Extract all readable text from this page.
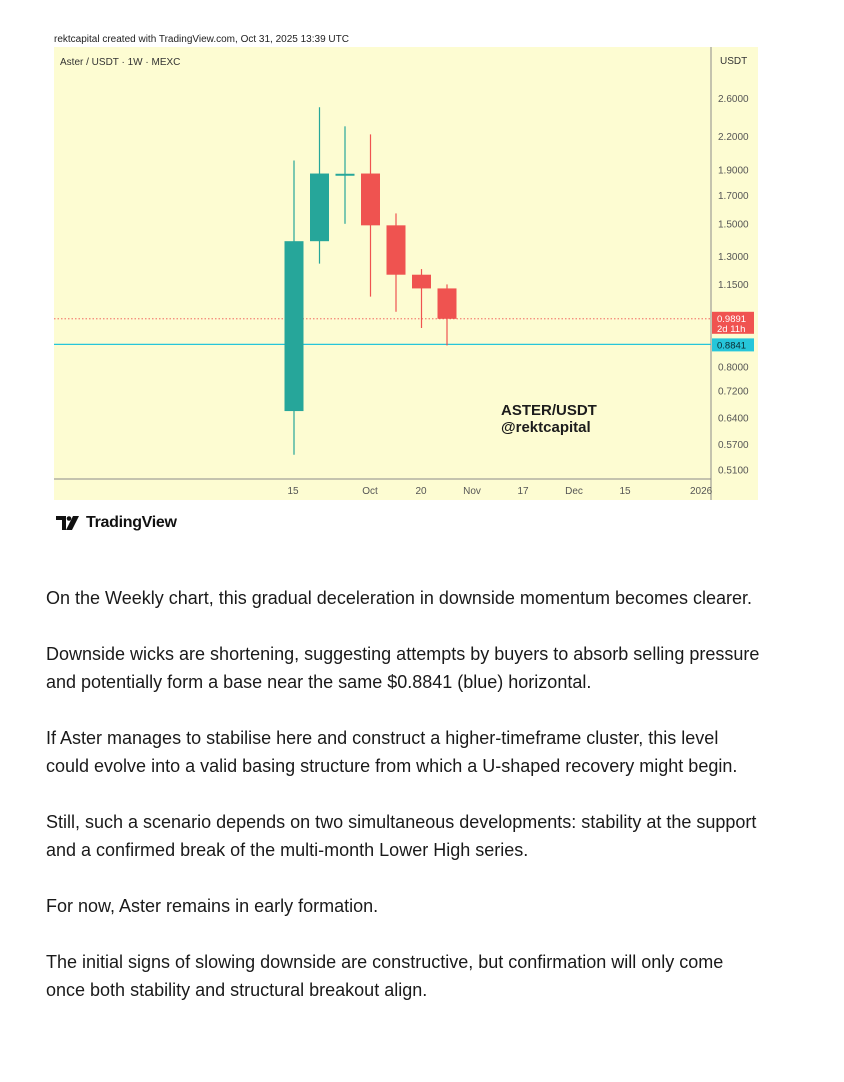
rektcapital created with TradingView.com, Oct 31, 2025 13:39 UTC
Aster / USDT · 1W · MEXC	USDT
2.6000
2.2000
1.9000
1.7000
1.5000
1.3000
1.1500
0.8000
0.7200
0.6400
0.5700
0.5100
15	Oct	20	Nov	17	Dec	15	2026
0.9891
2d 11h
0.8841
ASTER/USDT
@rektcapital
TradingView

On the Weekly chart, this gradual deceleration in downside momentum becomes clearer.

Downside wicks are shortening, suggesting attempts by buyers to absorb selling pressure and potentially form a base near the same $0.8841 (blue) horizontal.

If Aster manages to stabilise here and construct a higher-timeframe cluster, this level could evolve into a valid basing structure from which a U-shaped recovery might begin.

Still, such a scenario depends on two simultaneous developments: stability at the support and a confirmed break of the multi-month Lower High series.

For now, Aster remains in early formation.

The initial signs of slowing downside are constructive, but confirmation will only come once both stability and structural breakout align.
